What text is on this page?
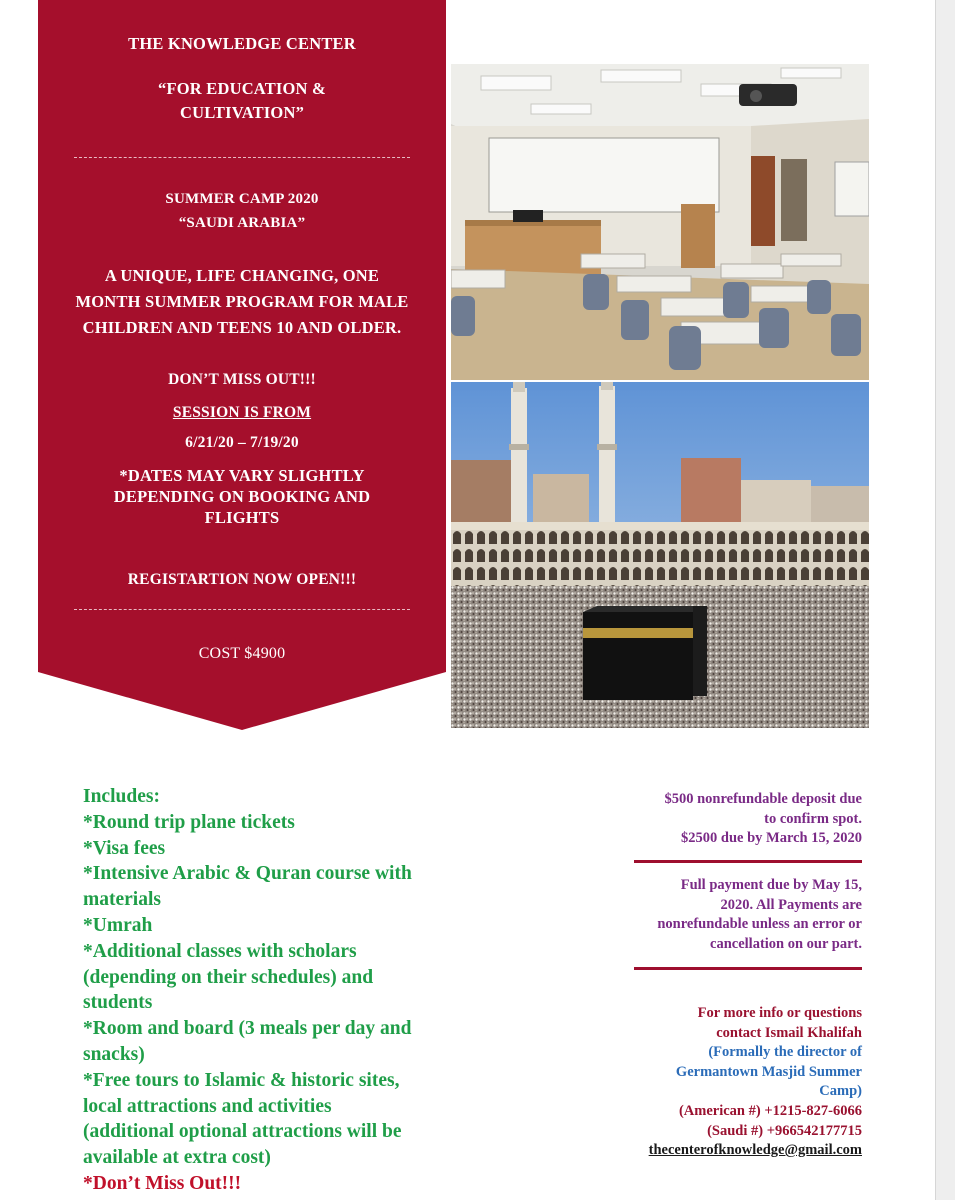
THE KNOWLEDGE CENTER
“FOR EDUCATION &
CULTIVATION”
SUMMER CAMP 2020
“SAUDI ARABIA”
A UNIQUE, LIFE CHANGING, ONE
MONTH SUMMER PROGRAM FOR MALE
CHILDREN AND TEENS 10 AND OLDER.
DON’T MISS OUT!!!
SESSION IS FROM
6/21/20 – 7/19/20
*DATES MAY VARY SLIGHTLY
DEPENDING ON BOOKING AND
FLIGHTS
REGISTARTION NOW OPEN!!!
COST $4900
Includes:
*Round trip plane tickets
*Visa fees
*Intensive Arabic & Quran course with
materials
*Umrah
*Additional classes with scholars
(depending on their schedules) and
students
*Room and board (3 meals per day and
snacks)
*Free tours to Islamic & historic sites,
local attractions and activities
(additional optional attractions will be
available at extra cost)
*Don’t Miss Out!!!
$500 nonrefundable deposit due
to confirm spot.
$2500 due by March 15, 2020
Full payment due by May 15,
2020. All Payments are
nonrefundable unless an error or
cancellation on our part.
For more info or questions
contact Ismail Khalifah
(Formally the director of
Germantown Masjid Summer
Camp)
(American #) +1215-827-6066
(Saudi #) +966542177715
thecenterofknowledge@gmail.com
